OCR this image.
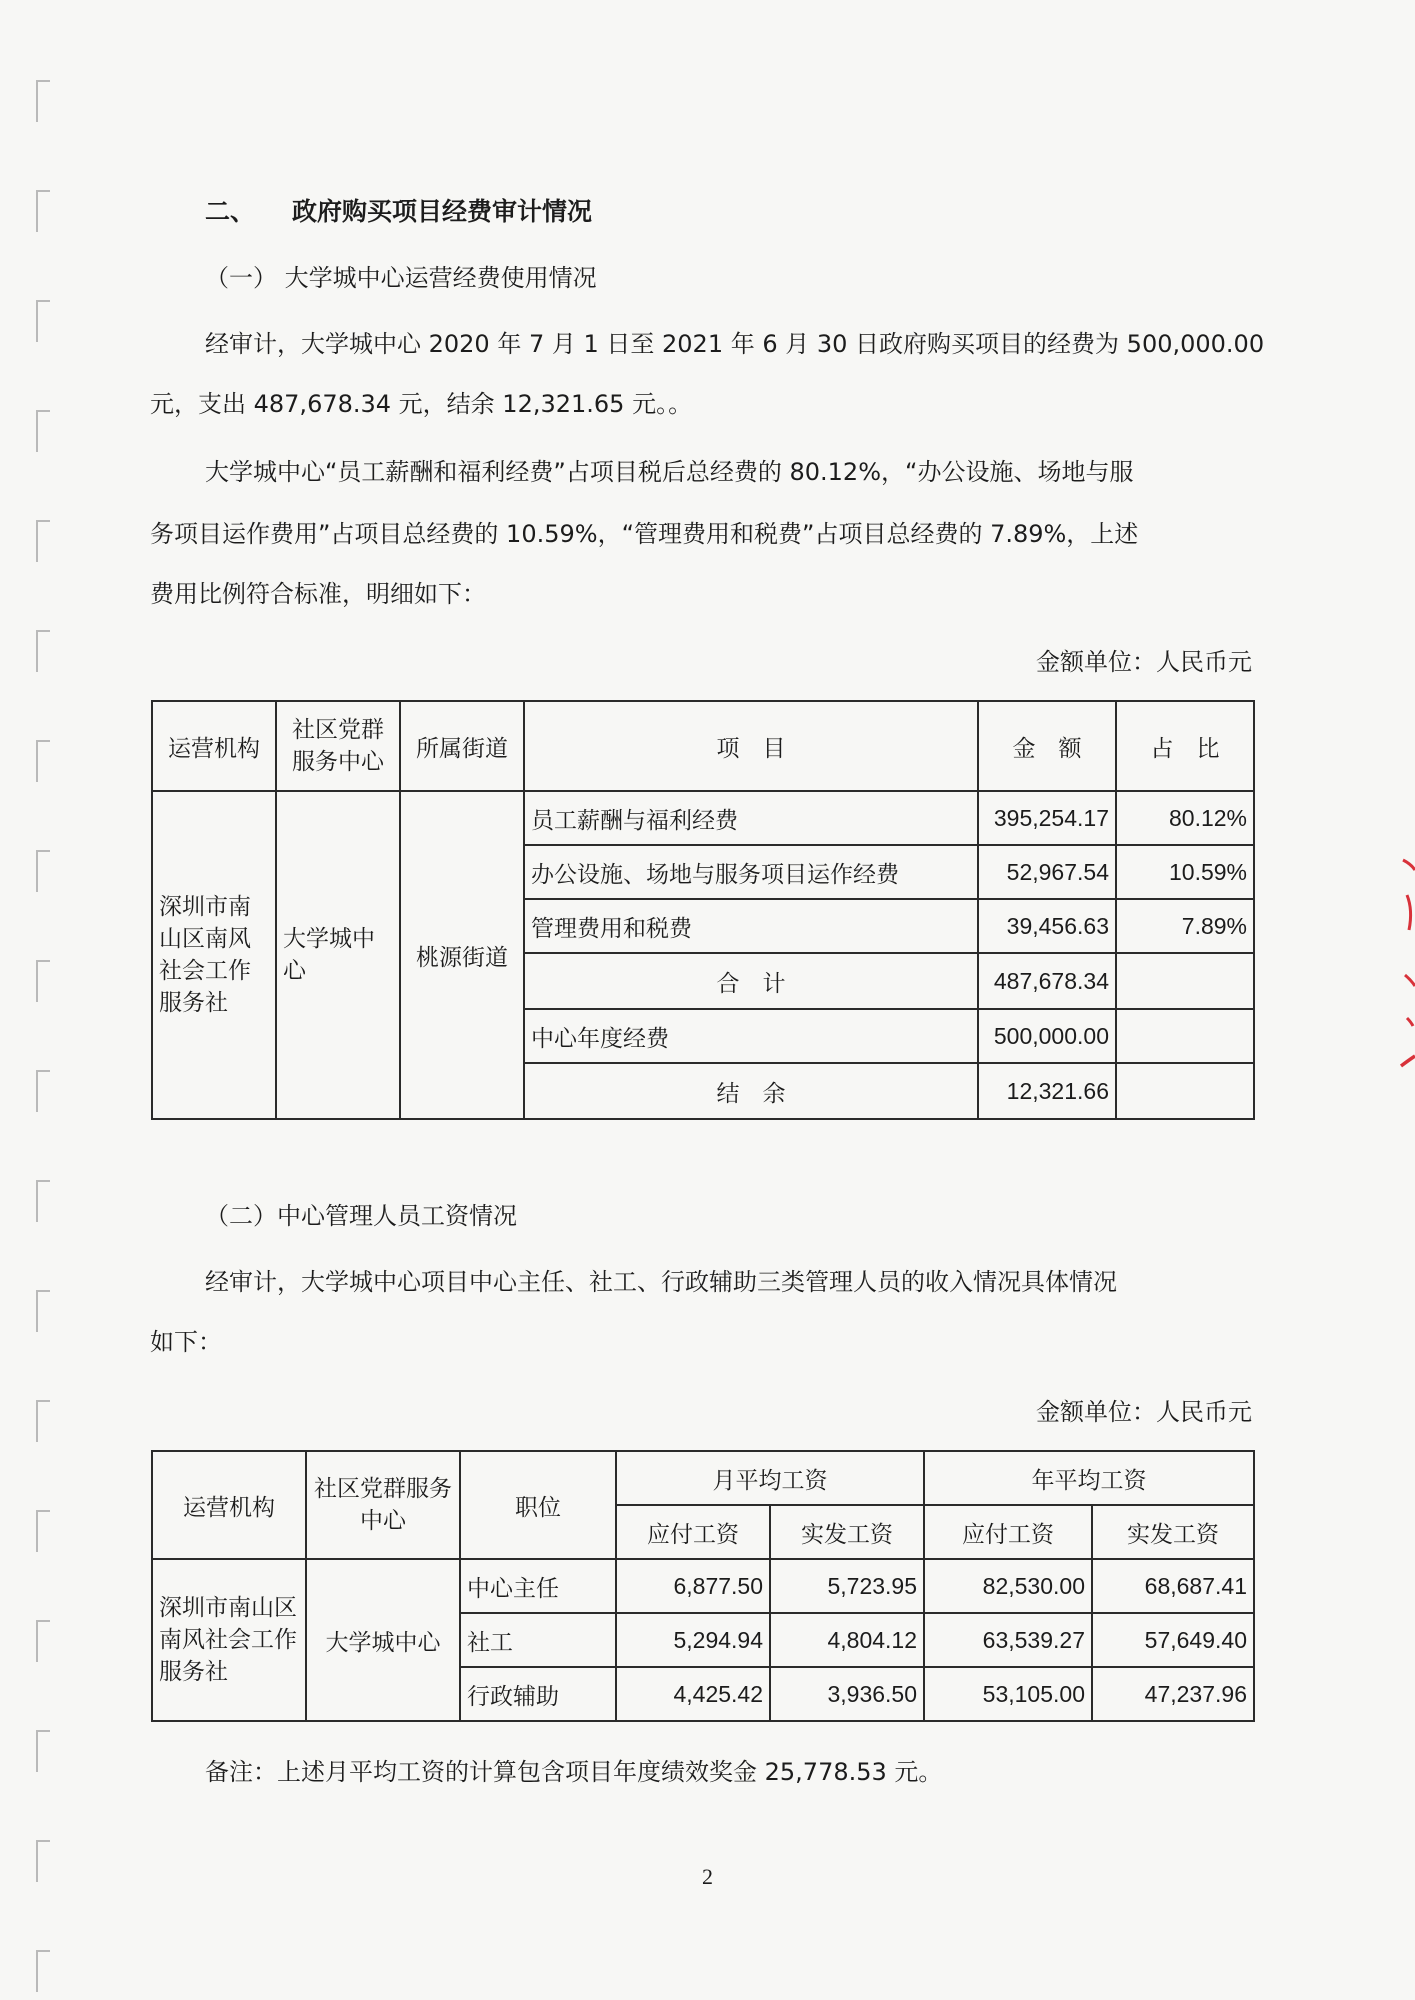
二、 政府购买项目经费审计情况
（一） 大学城中心运营经费使用情况
经审计，大学城中心 2020 年 7 月 1 日至 2021 年 6 月 30 日政府购买项目的经费为 500,000.00
元，支出 487,678.34 元，结余 12,321.65 元。。
大学城中心“员工薪酬和福利经费”占项目税后总经费的 80.12%，“办公设施、场地与服
务项目运作费用”占项目总经费的 10.59%，“管理费用和税费”占项目总经费的 7.89%，上述
费用比例符合标准，明细如下：
金额单位：人民币元
运营机构	社区党群服务中心	所属街道	项　目	金　额	占　比
深圳市南山区南风社会工作服务社	大学城中心	桃源街道	员工薪酬与福利经费	395,254.17	80.12%
			办公设施、场地与服务项目运作经费	52,967.54	10.59%
			管理费用和税费	39,456.63	7.89%
			合　计	487,678.34	
			中心年度经费	500,000.00	
			结　余	12,321.66	
（二）中心管理人员工资情况
经审计，大学城中心项目中心主任、社工、行政辅助三类管理人员的收入情况具体情况
如下：
金额单位：人民币元
运营机构	社区党群服务中心	职位	月平均工资		年平均工资	
			应付工资	实发工资	应付工资	实发工资
深圳市南山区南风社会工作服务社	大学城中心	中心主任	6,877.50	5,723.95	82,530.00	68,687.41
		社工	5,294.94	4,804.12	63,539.27	57,649.40
		行政辅助	4,425.42	3,936.50	53,105.00	47,237.96
备注：上述月平均工资的计算包含项目年度绩效奖金 25,778.53 元。
2
